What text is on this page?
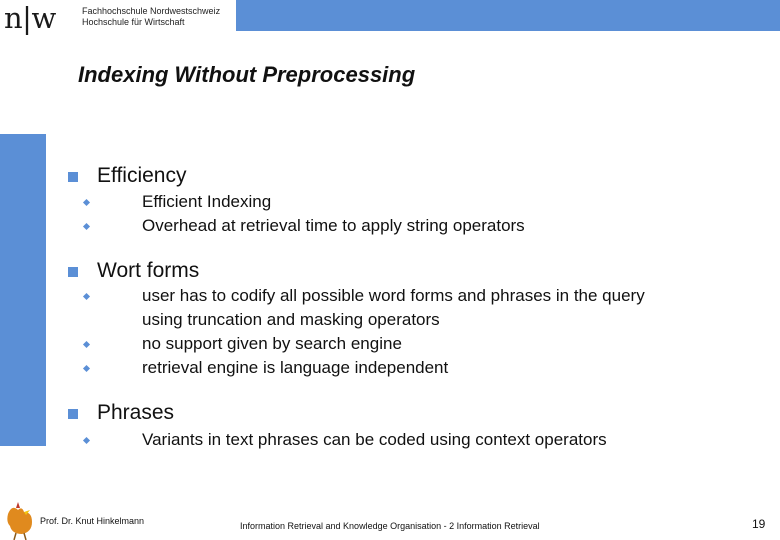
n|w	Fachhochschule Nordwestschweiz
Hochschule für Wirtschaft
Indexing Without Preprocessing
Efficiency
Efficient Indexing
Overhead at retrieval time to apply string operators
Wort forms
user has to codify all possible word forms and phrases in the query
using truncation and masking operators
no support given by search engine
retrieval engine is language independent
Phrases
Variants in text phrases can be coded using context operators
Prof. Dr. Knut Hinkelmann	Information Retrieval and Knowledge Organisation - 2 Information Retrieval	19
